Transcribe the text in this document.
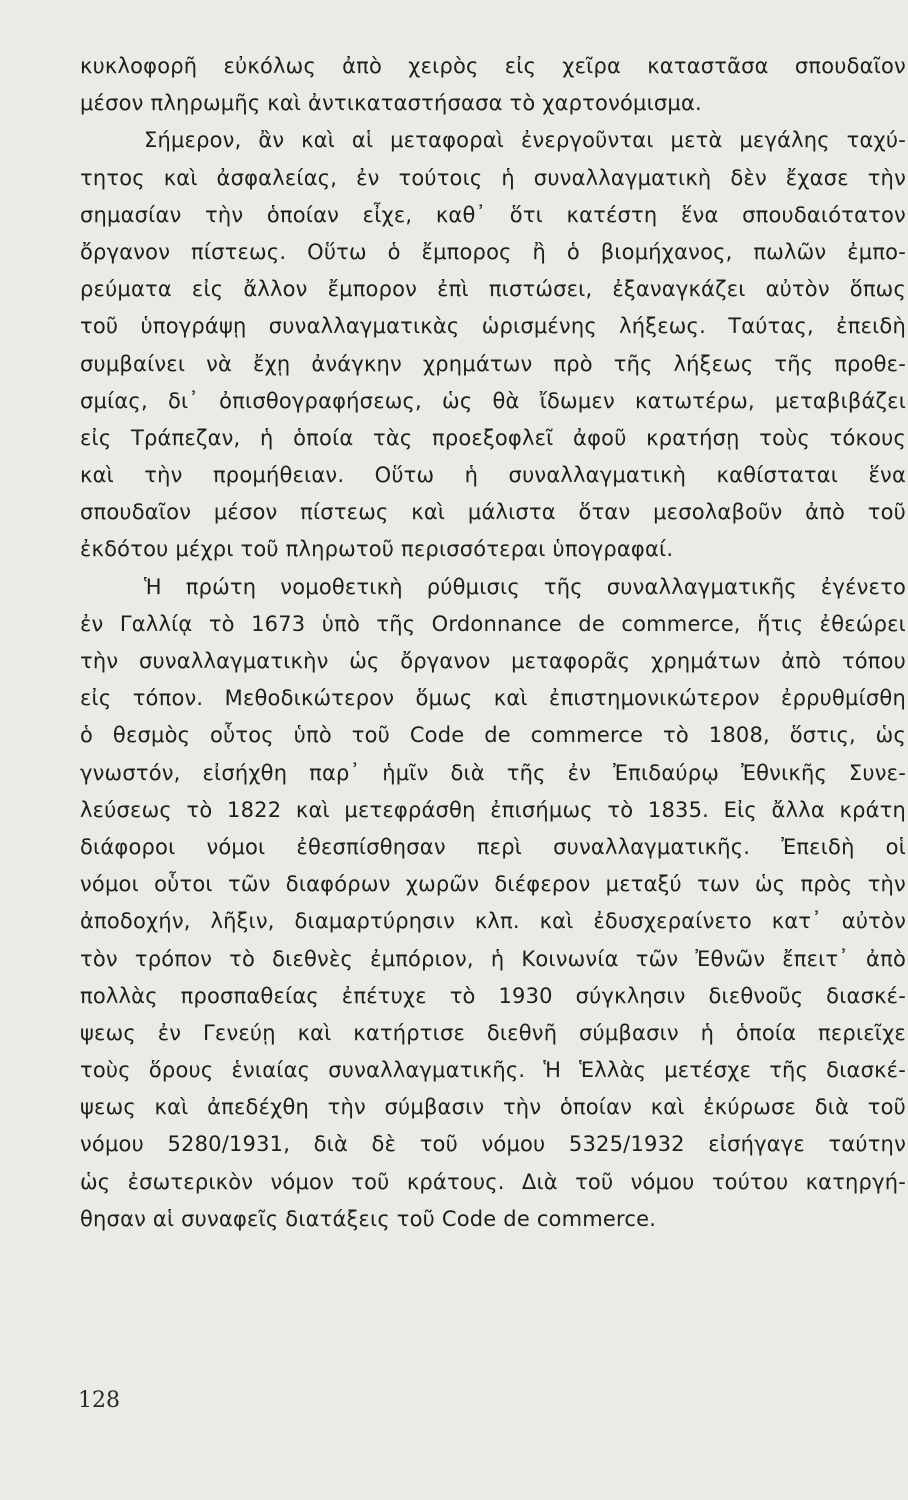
κυκλοφορῆ εὐκόλως ἀπὸ χειρὸς εἰς χεῖρα καταστᾶσα σπουδαῖον
μέσον πληρωμῆς καὶ ἀντικαταστήσασα τὸ χαρτονόμισμα.
Σήμερον, ἂν καὶ αἱ μεταφοραὶ ἐνεργοῦνται μετὰ μεγάλης ταχύ-
τητος καὶ ἀσφαλείας, ἐν τούτοις ἡ συναλλαγματικὴ δὲν ἔχασε τὴν
σημασίαν τὴν ὁποίαν εἶχε, καθ᾽ ὅτι κατέστη ἕνα σπουδαιότατον
ὄργανον πίστεως. Οὕτω ὁ ἔμπορος ἢ ὁ βιομήχανος, πωλῶν ἐμπο-
ρεύματα εἰς ἄλλον ἔμπορον ἐπὶ πιστώσει, ἐξαναγκάζει αὐτὸν ὅπως
τοῦ ὑπογράψῃ συναλλαγματικὰς ὡρισμένης λήξεως. Ταύτας, ἐπειδὴ
συμβαίνει νὰ ἔχῃ ἀνάγκην χρημάτων πρὸ τῆς λήξεως τῆς προθε-
σμίας, δι᾽ ὀπισθογραφήσεως, ὡς θὰ ἴδωμεν κατωτέρω, μεταβιβάζει
εἰς Τράπεζαν, ἡ ὁποία τὰς προεξοφλεῖ ἀφοῦ κρατήσῃ τοὺς τόκους
καὶ τὴν προμήθειαν. Οὕτω ἡ συναλλαγματικὴ καθίσταται ἕνα
σπουδαῖον μέσον πίστεως καὶ μάλιστα ὅταν μεσολαβοῦν ἀπὸ τοῦ
ἐκδότου μέχρι τοῦ πληρωτοῦ περισσότεραι ὑπογραφαί.
Ἡ πρώτη νομοθετικὴ ρύθμισις τῆς συναλλαγματικῆς ἐγένετο
ἐν Γαλλίᾳ τὸ 1673 ὑπὸ τῆς Ordonnance de commerce, ἥτις ἐθεώρει
τὴν συναλλαγματικὴν ὡς ὄργανον μεταφορᾶς χρημάτων ἀπὸ τόπου
εἰς τόπον. Μεθοδικώτερον ὅμως καὶ ἐπιστημονικώτερον ἐρρυθμίσθη
ὁ θεσμὸς οὗτος ὑπὸ τοῦ Code de commerce τὸ 1808, ὅστις, ὡς
γνωστόν, εἰσήχθη παρ᾽ ἡμῖν διὰ τῆς ἐν Ἐπιδαύρῳ Ἐθνικῆς Συνε-
λεύσεως τὸ 1822 καὶ μετεφράσθη ἐπισήμως τὸ 1835. Εἰς ἄλλα κράτη
διάφοροι νόμοι ἐθεσπίσθησαν περὶ συναλλαγματικῆς. Ἐπειδὴ οἱ
νόμοι οὗτοι τῶν διαφόρων χωρῶν διέφερον μεταξύ των ὡς πρὸς τὴν
ἀποδοχήν, λῆξιν, διαμαρτύρησιν κλπ. καὶ ἐδυσχεραίνετο κατ᾽ αὐτὸν
τὸν τρόπον τὸ διεθνὲς ἐμπόριον, ἡ Κοινωνία τῶν Ἐθνῶν ἔπειτ᾽ ἀπὸ
πολλὰς προσπαθείας ἐπέτυχε τὸ 1930 σύγκλησιν διεθνοῦς διασκέ-
ψεως ἐν Γενεύῃ καὶ κατήρτισε διεθνῆ σύμβασιν ἡ ὁποία περιεῖχε
τοὺς ὅρους ἑνιαίας συναλλαγματικῆς. Ἡ Ἑλλὰς μετέσχε τῆς διασκέ-
ψεως καὶ ἀπεδέχθη τὴν σύμβασιν τὴν ὁποίαν καὶ ἐκύρωσε διὰ τοῦ
νόμου 5280/1931, διὰ δὲ τοῦ νόμου 5325/1932 εἰσήγαγε ταύτην
ὡς ἐσωτερικὸν νόμον τοῦ κράτους. Διὰ τοῦ νόμου τούτου κατηργή-
θησαν αἱ συναφεῖς διατάξεις τοῦ Code de commerce.
128
